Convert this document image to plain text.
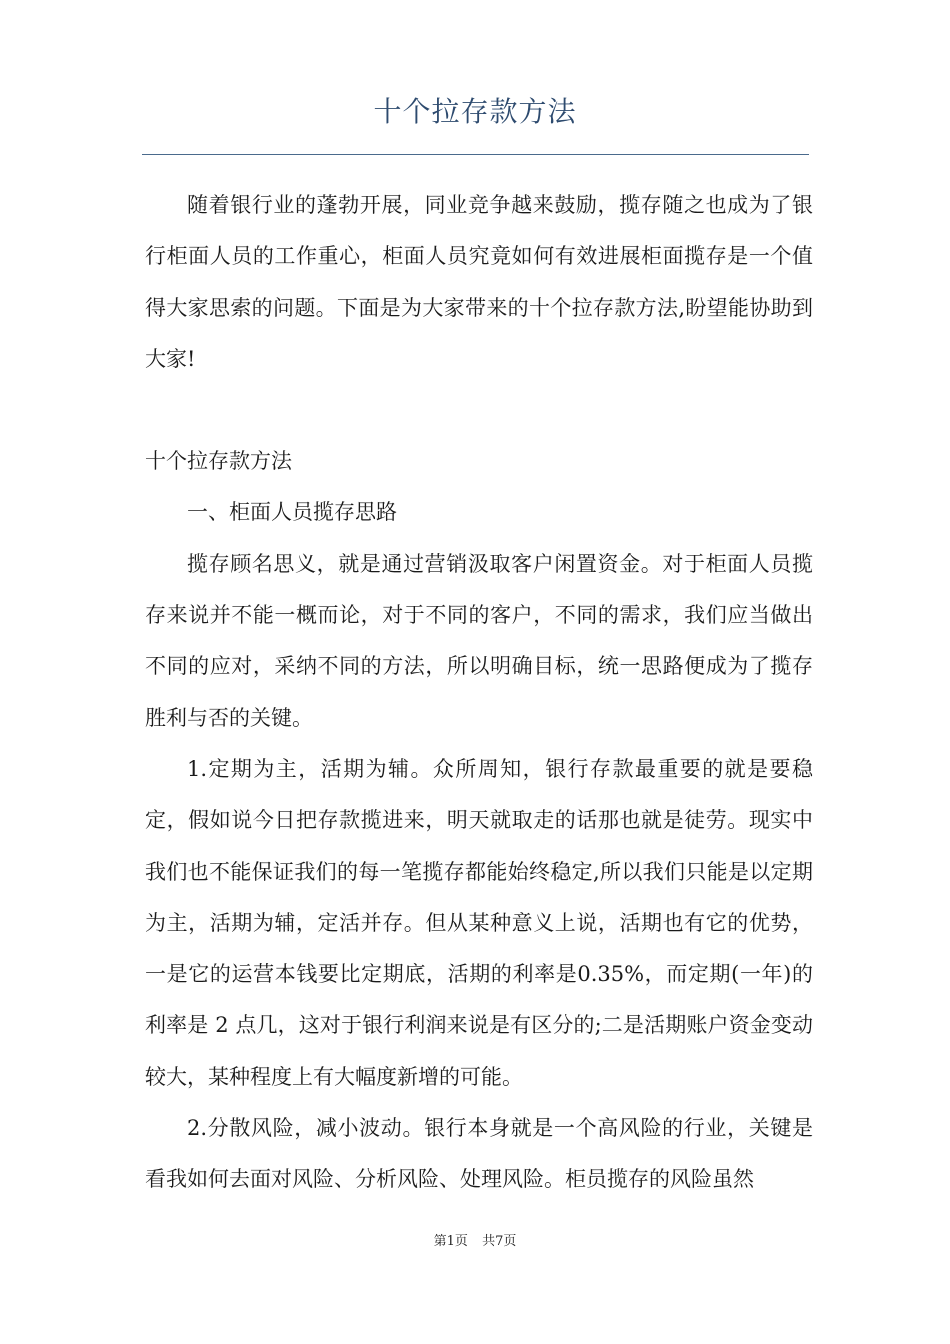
十个拉存款方法

随着银行业的蓬勃开展，同业竞争越来鼓励，揽存随之也成为了银行柜面人员的工作重心，柜面人员究竟如何有效进展柜面揽存是一个值得大家思索的问题。下面是为大家带来的十个拉存款方法,盼望能协助到大家!

十个拉存款方法

一、柜面人员揽存思路

揽存顾名思义，就是通过营销汲取客户闲置资金。对于柜面人员揽存来说并不能一概而论，对于不同的客户，不同的需求，我们应当做出不同的应对，采纳不同的方法，所以明确目标，统一思路便成为了揽存胜利与否的关键。

1.定期为主，活期为辅。众所周知，银行存款最重要的就是要稳定，假如说今日把存款揽进来，明天就取走的话那也就是徒劳。现实中我们也不能保证我们的每一笔揽存都能始终稳定,所以我们只能是以定期为主，活期为辅，定活并存。但从某种意义上说，活期也有它的优势，一是它的运营本钱要比定期底，活期的利率是0.35%，而定期(一年)的利率是 2 点几，这对于银行利润来说是有区分的;二是活期账户资金变动较大，某种程度上有大幅度新增的可能。

2.分散风险，减小波动。银行本身就是一个高风险的行业，关键是看我如何去面对风险、分析风险、处理风险。柜员揽存的风险虽然

第1页 共7页
